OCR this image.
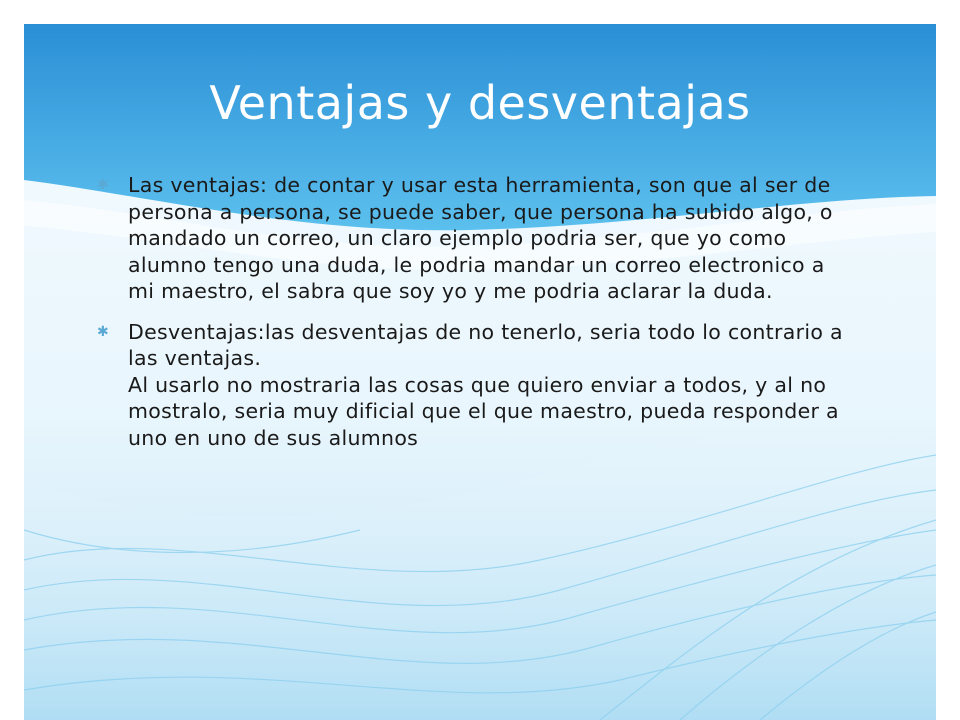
Ventajas y desventajas
✱ Las ventajas: de contar y usar esta herramienta, son que al ser de persona a persona, se puede saber, que persona ha subido algo, o mandado un correo, un claro ejemplo podria ser, que yo como alumno tengo una duda, le podria mandar un correo electronico a mi maestro, el sabra que soy yo y me podria aclarar la duda.
✱ Desventajas:las desventajas de no tenerlo, seria todo lo contrario a las ventajas.
Al usarlo no mostraria las cosas que quiero enviar a todos, y al no mostralo, seria muy dificial que el que maestro, pueda responder a uno en uno de sus alumnos
